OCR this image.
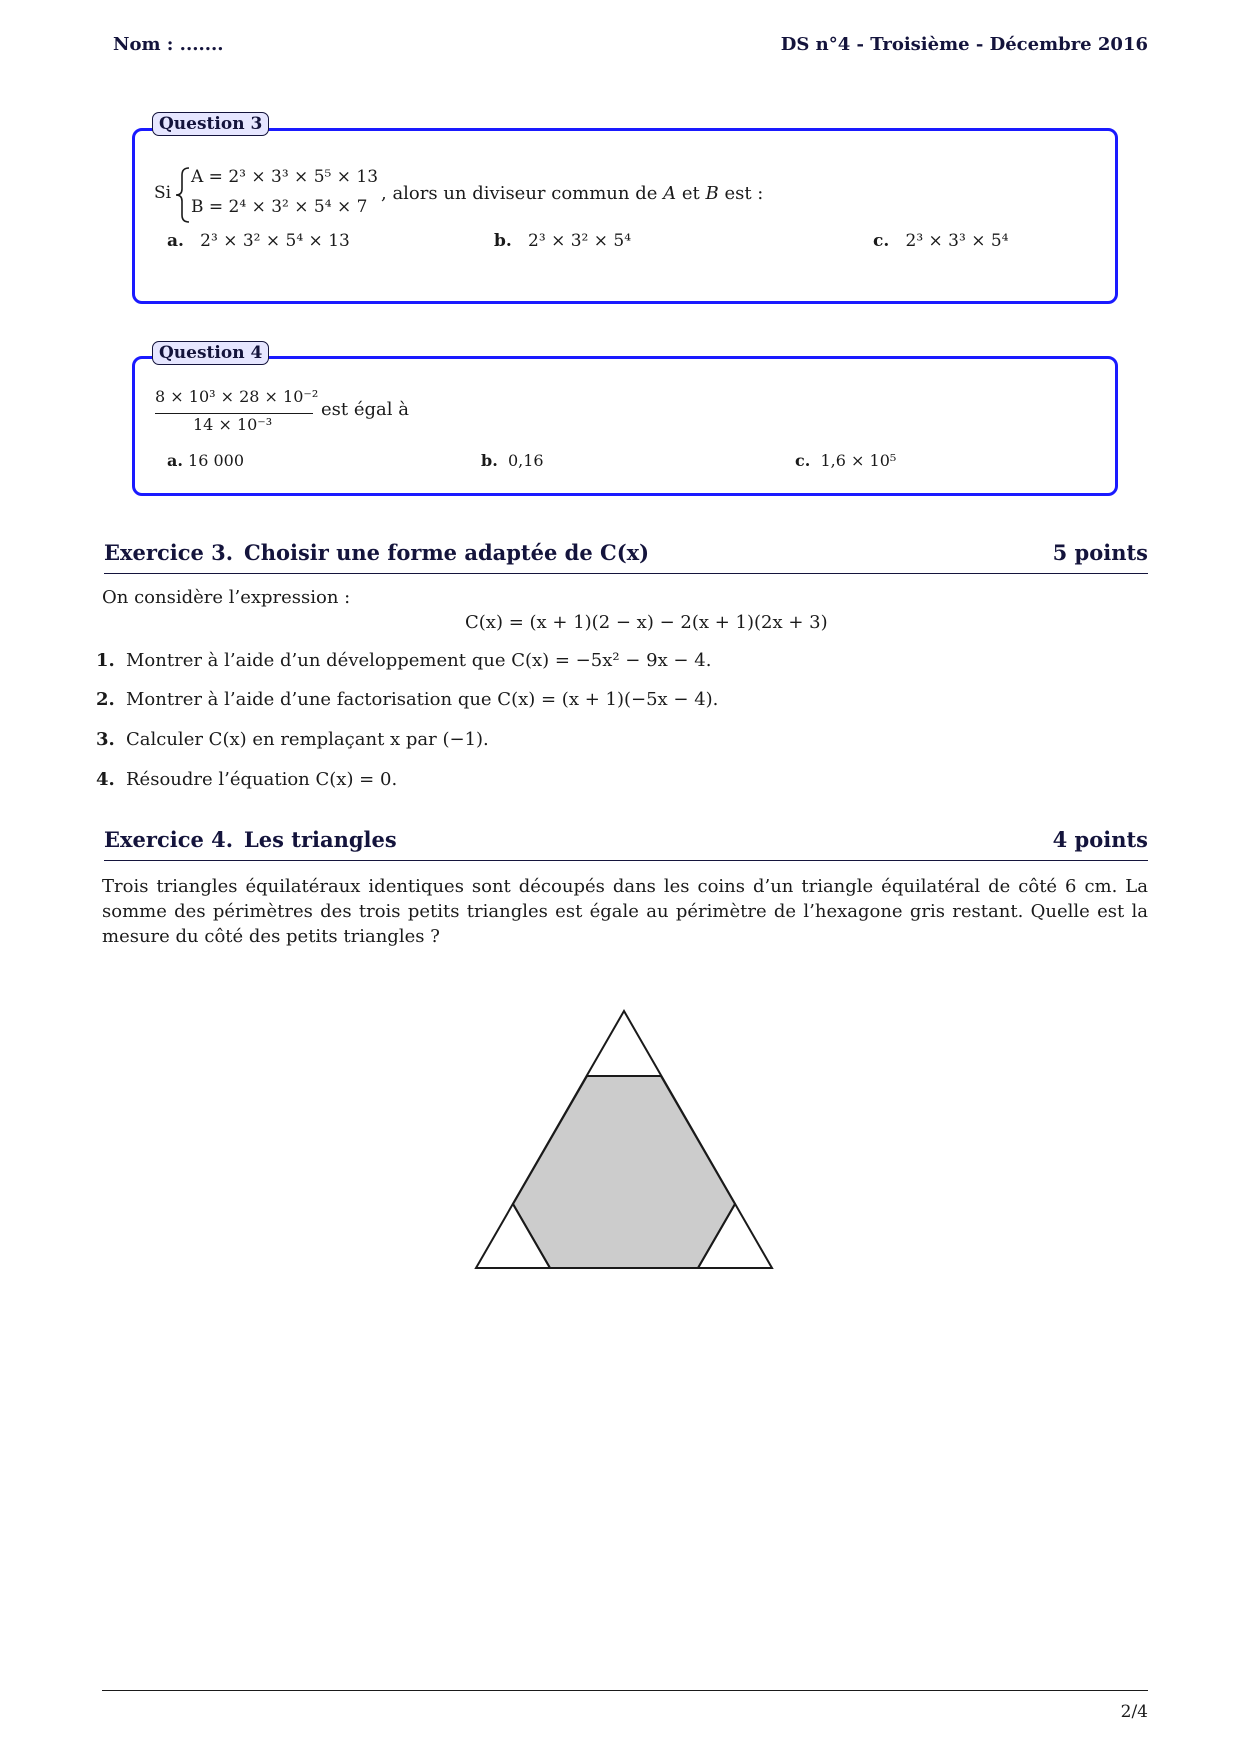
Nom : .......	DS n°4 - Troisième - Décembre 2016
Si
A = 2³ × 3³ × 5⁵ × 13
B = 2⁴ × 3² × 5⁴ × 7
, alors un diviseur commun de A et B est :
a. 2³ × 3² × 5⁴ × 13	b. 2³ × 3² × 5⁴	c. 2³ × 3³ × 5⁴
Question 3
8 × 10³ × 28 × 10⁻²
14 × 10⁻³
est égal à
a. 16 000	b. 0,16	c. 1,6 × 10⁵
Question 4
Exercice 3. Choisir une forme adaptée de C(x)	5 points
On considère l’expression :
C(x) = (x + 1)(2 − x) − 2(x + 1)(2x + 3)
1. Montrer à l’aide d’un développement que C(x) = −5x² − 9x − 4.
2. Montrer à l’aide d’une factorisation que C(x) = (x + 1)(−5x − 4).
3. Calculer C(x) en remplaçant x par (−1).
4. Résoudre l’équation C(x) = 0.
Exercice 4. Les triangles	4 points
Trois triangles équilatéraux identiques sont découpés dans les coins d’un triangle équilatéral de côté 6 cm. La somme des périmètres des trois petits triangles est égale au périmètre de l’hexagone gris restant. Quelle est la mesure du côté des petits triangles ?
2/4
